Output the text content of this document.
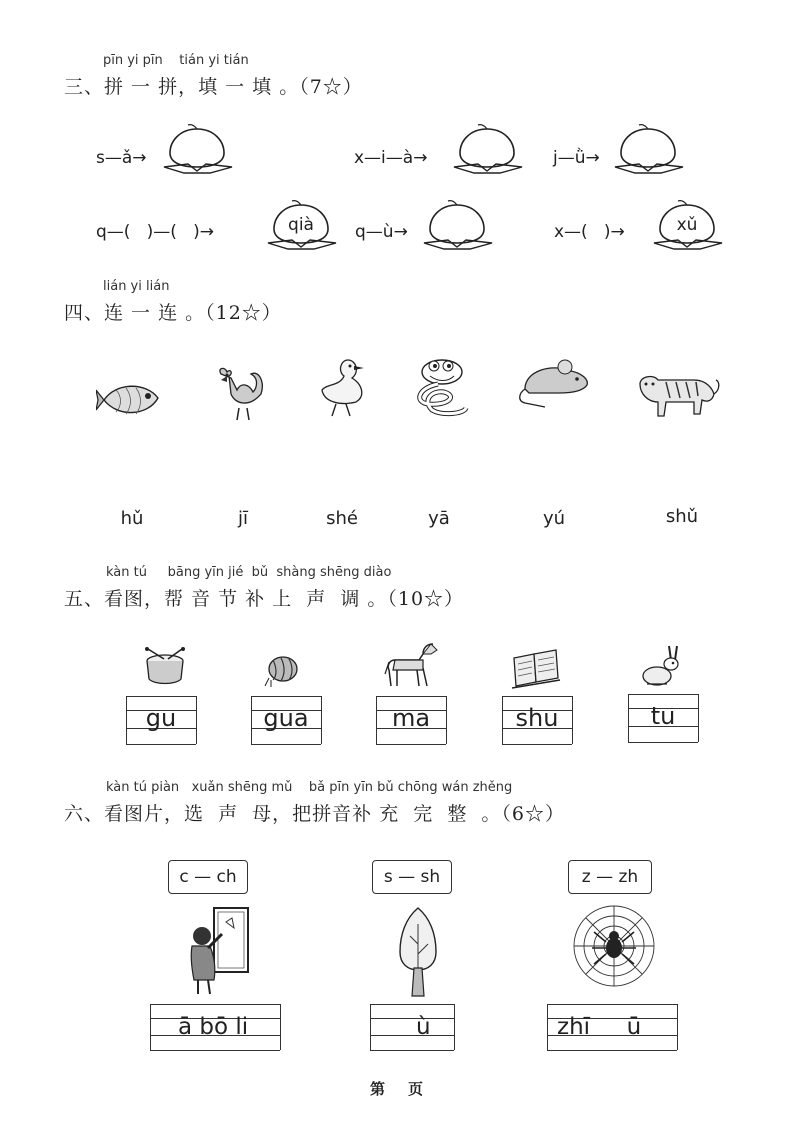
pīn yi pīn    tián yi tián
三、拼 一 拼，填 一 填 。（7☆）
s—ǎ→	x—i—à→	j—ǜ→
q—(   )—(   )→	qià	q—ù→	x—(   )→	xǔ
lián yi lián
四、连 一 连 。（12☆）
hǔ	jī	shé	yā	yú	shǔ
kàn tú     bāng yīn jié  bǔ  shàng shēng diào
五、看图，帮 音 节 补 上  声  调 。（10☆）
gu	gua	ma	shu	tu
kàn tú piàn   xuǎn shēng mǔ    bǎ pīn yīn bǔ chōng wán zhěng
六、看图片，选  声  母，把拼音补 充  完  整  。（6☆）
c — ch	s — sh	z — zh
ā bō li	ù	zhī     ū
第 页
